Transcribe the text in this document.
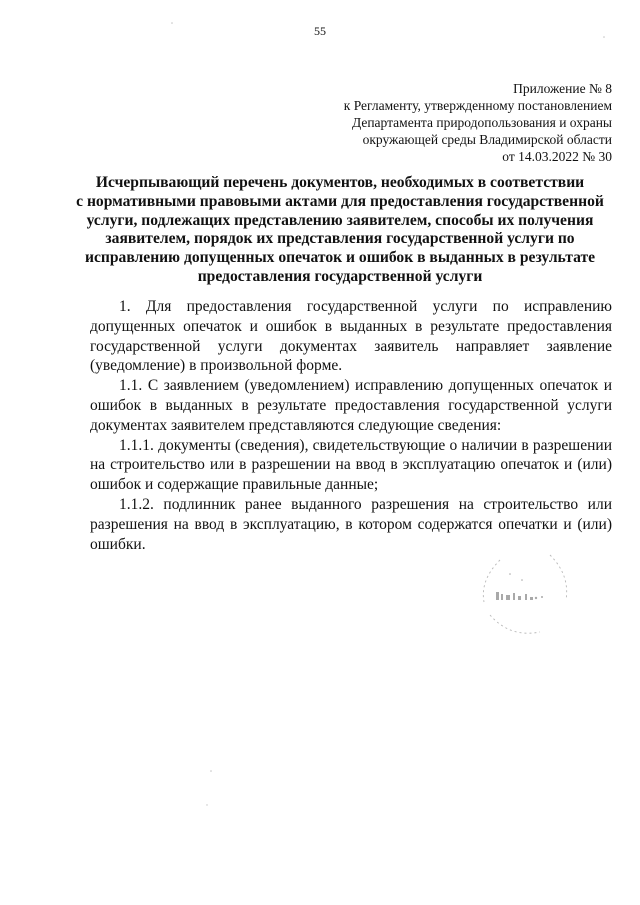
55
Приложение № 8
к Регламенту, утвержденному постановлением
Департамента природопользования и охраны
окружающей среды Владимирской области
от 14.03.2022 № 30
Исчерпывающий перечень документов, необходимых в соответствии
с нормативными правовыми актами для предоставления государственной
услуги, подлежащих представлению заявителем, способы их получения
заявителем, порядок их представления государственной услуги по
исправлению допущенных опечаток и ошибок в выданных в результате
предоставления государственной услуги

1. Для предоставления государственной услуги по исправлению допущенных опечаток и ошибок в выданных в результате предоставления государственной услуги документах заявитель направляет заявление (уведомление) в произвольной форме.

1.1. С заявлением (уведомлением) исправлению допущенных опечаток и ошибок в выданных в результате предоставления государственной услуги документах заявителем представляются следующие сведения:

1.1.1. документы (сведения), свидетельствующие о наличии в разрешении на строительство или в разрешении на ввод в эксплуатацию опечаток и (или) ошибок и содержащие правильные данные;

1.1.2. подлинник ранее выданного разрешения на строительство или разрешения на ввод в эксплуатацию, в котором содержатся опечатки и (или) ошибки.
